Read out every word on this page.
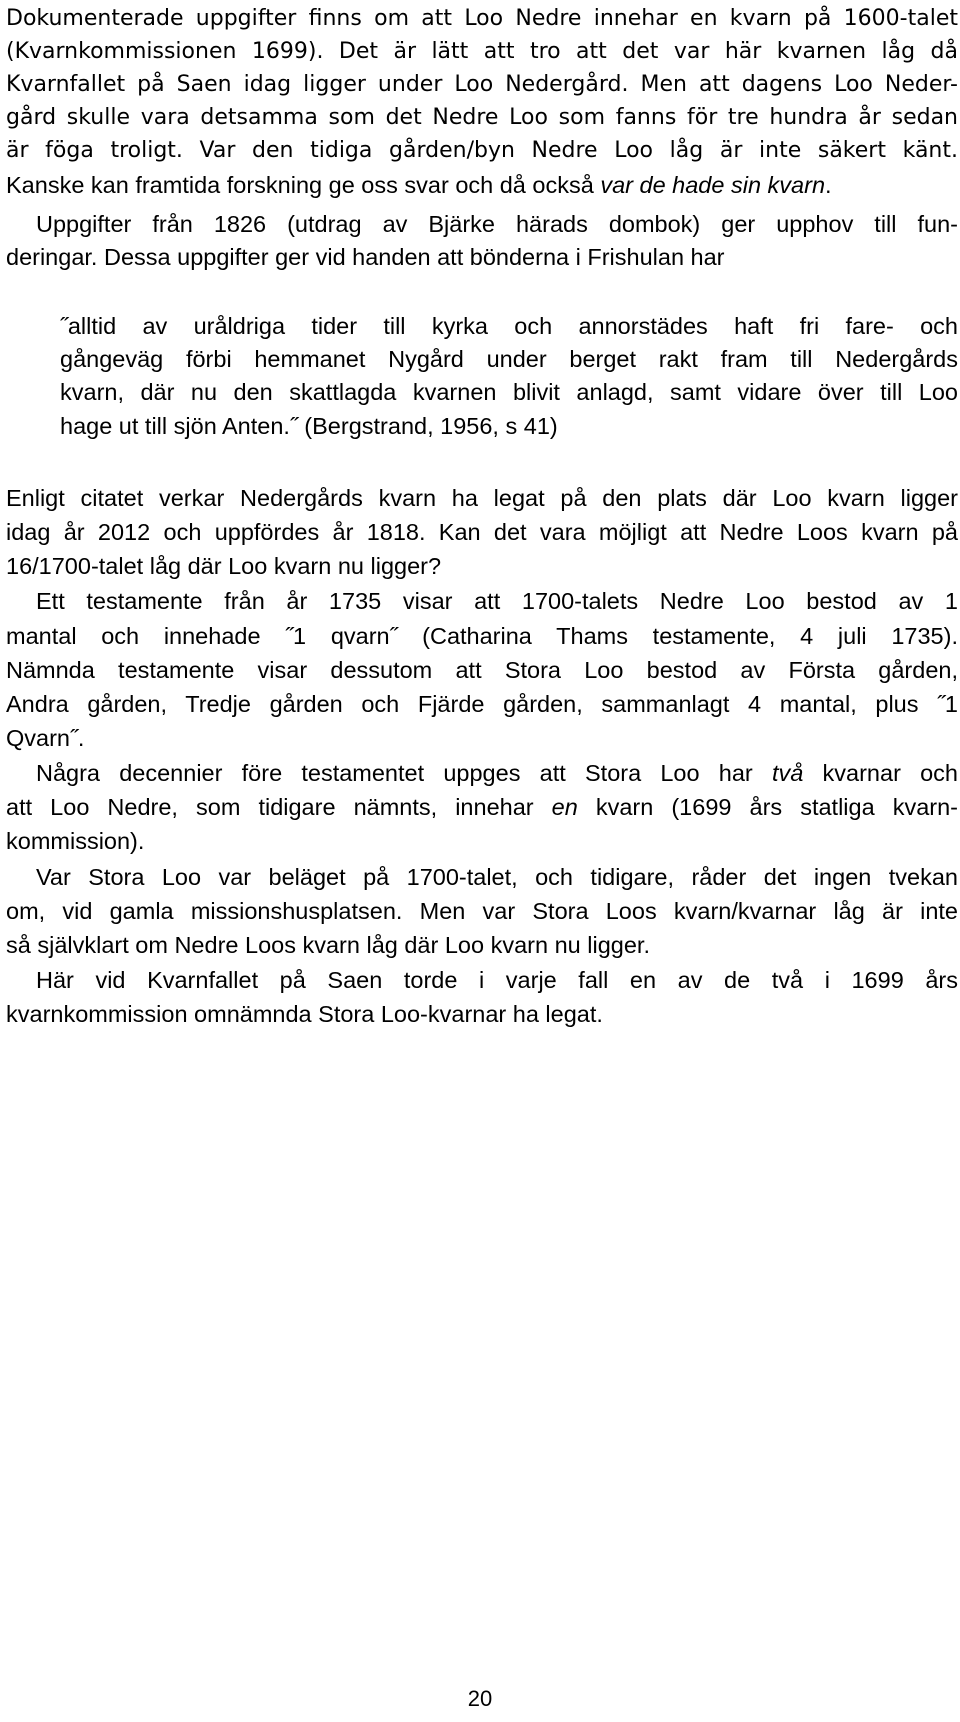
Dokumenterade uppgifter finns om att Loo Nedre innehar en kvarn på 1600-talet
(Kvarnkommissionen 1699). Det är lätt att tro att det var här kvarnen låg då
Kvarnfallet på Saen idag ligger under Loo Nedergård. Men att dagens Loo Neder-
gård skulle vara detsamma som det Nedre Loo som fanns för tre hundra år sedan
är föga troligt. Var den tidiga gården/byn Nedre Loo låg är inte säkert känt.
Kanske kan framtida forskning ge oss svar och då också var de hade sin kvarn.
Uppgifter från 1826 (utdrag av Bjärke härads dombok) ger upphov till fun-
deringar. Dessa uppgifter ger vid handen att bönderna i Frishulan har
˝alltid av uråldriga tider till kyrka och annorstädes haft fri fare- och
gångeväg förbi hemmanet Nygård under berget rakt fram till Nedergårds
kvarn, där nu den skattlagda kvarnen blivit anlagd, samt vidare över till Loo
hage ut till sjön Anten.˝ (Bergstrand, 1956, s 41)
Enligt citatet verkar Nedergårds kvarn ha legat på den plats där Loo kvarn ligger
idag år 2012 och uppfördes år 1818. Kan det vara möjligt att Nedre Loos kvarn på
16/1700-talet låg där Loo kvarn nu ligger?
Ett testamente från år 1735 visar att 1700-talets Nedre Loo bestod av 1
mantal och innehade ˝1 qvarn˝ (Catharina Thams testamente, 4 juli 1735).
Nämnda testamente visar dessutom att Stora Loo bestod av Första gården,
Andra gården, Tredje gården och Fjärde gården, sammanlagt 4 mantal, plus ˝1
Qvarn˝.
Några decennier före testamentet uppges att Stora Loo har två kvarnar och
att Loo Nedre, som tidigare nämnts, innehar en kvarn (1699 års statliga kvarn-
kommission).
Var Stora Loo var beläget på 1700-talet, och tidigare, råder det ingen tvekan
om, vid gamla missionshusplatsen. Men var Stora Loos kvarn/kvarnar låg är inte
så självklart om Nedre Loos kvarn låg där Loo kvarn nu ligger.
Här vid Kvarnfallet på Saen torde i varje fall en av de två i 1699 års
kvarnkommission omnämnda Stora Loo-kvarnar ha legat.
20
